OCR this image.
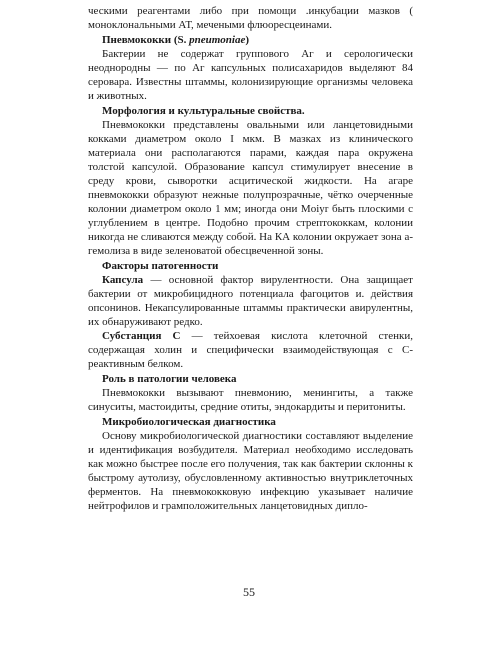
ческими реагентами либо при помощи .инкубации мазков ( моноклональными АТ, мечеными флюоресцеинами.

Пневмококки (S. pneumoniae)

Бактерии не содержат группового Аг и серологически неоднородны — по Аг капсульных полисахаридов выделяют 84 серовара. Известны штаммы, колонизирующие организмы человека и животных.

Морфология и культуральные свойства.

Пневмококки представлены овальными или ланцетовидными кокками диаметром около I мкм. В мазках из клинического материала они располагаются парами, каждая пара окружена толстой капсулой. Образование капсул стимулирует внесение в среду крови, сыворотки асцитической жидкости. На агаре пневмококки образуют нежные полупрозрачные, чётко очерченные колонии диаметром около 1 мм; иногда они Moiyr быть плоскими с углублением в центре. Подобно прочим стрептококкам, колонии никогда не сливаются между собой. На КА колонии окружает зона а-гемолиза в виде зеленоватой обесцвеченной зоны.

Факторы патогенности

Капсула — основной фактор вирулентности. Она защищает бактерии от микробицидного потенциала фагоцитов и. действия опсонинов. Некапсулированные штаммы практически авирулентны, их обнаруживают редко.

Субстанция С — тейхоевая кислота клеточной стенки, содержащая холин и специфически взаимодействующая с С-реактивным белком.

Роль в патологии человека

Пневмококки вызывают пневмонию, менингиты, а также синуситы, мастоидиты, средние отиты, эндокардиты и перитониты.

Микробиологическая диагностика

Основу микробиологической диагностики составляют выделение и идентификация возбудителя. Материал необходимо исследовать как можно быстрее после его получения, так как бактерии склонны к быстрому аутолизу, обусловленному активностью внутриклеточных ферментов. На пневмококковую инфекцию указывает наличие нейтрофилов и грамположительных ланцетовидных дипло-

55
